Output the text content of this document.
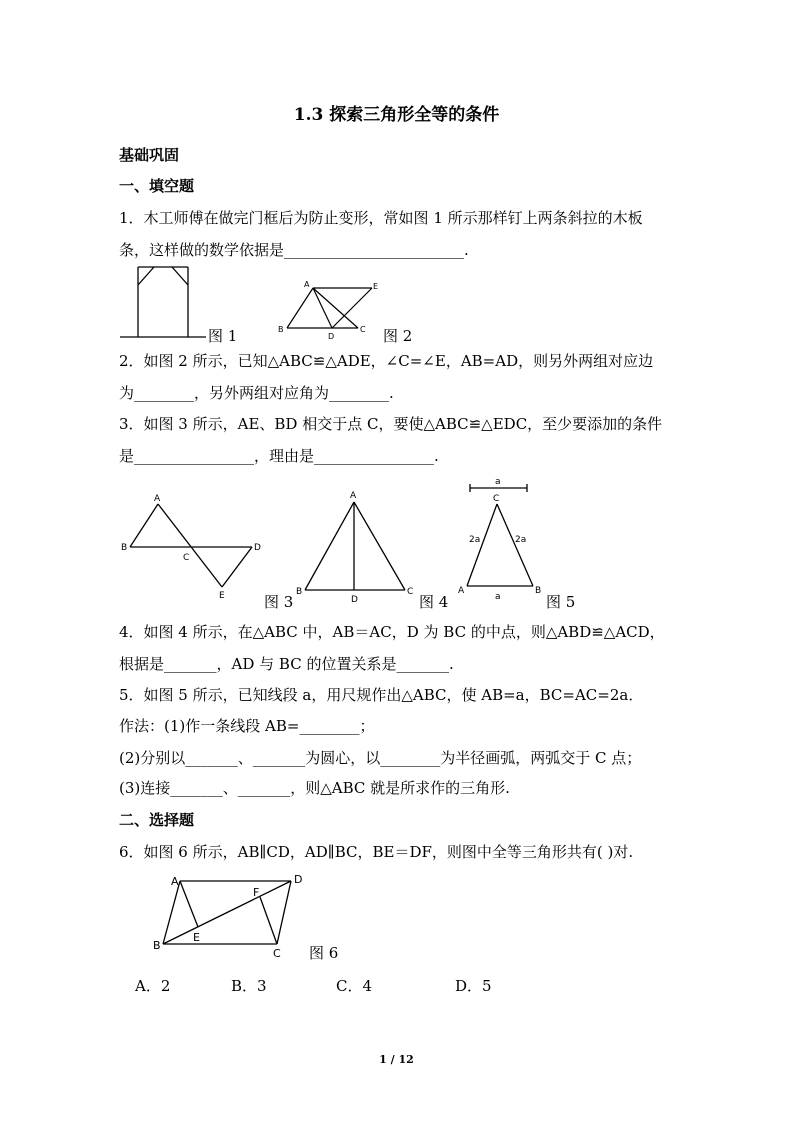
1.3 探索三角形全等的条件
基础巩固
一、填空题
1．木工师傅在做完门框后为防止变形，常如图 1 所示那样钉上两条斜拉的木板
条，这样做的数学依据是________________________.
图 1
A	E
B
D
C 图 2
2．如图 2 所示，已知△ABC≌△ADE，∠C=∠E，AB=AD，则另外两组对应边
为________，另外两组对应角为________.
3．如图 3 所示，AE、BD 相交于点 C，要使△ABC≌△EDC，至少要添加的条件
是________________，理由是________________.
A
B
C
D
E	图 3
A
B
D
C
图 4
a
C
2a	2a
A	B
a	图 5
4．如图 4 所示，在△ABC 中，AB＝AC，D 为 BC 的中点，则△ABD≌△ACD，
根据是_______，AD 与 BC 的位置关系是_______.
5．如图 5 所示，已知线段 a，用尺规作出△ABC，使 AB=a，BC=AC=2a．
作法：(1)作一条线段 AB=________；
(2)分别以_______、_______为圆心，以________为半径画弧，两弧交于 C 点；
(3)连接_______、_______，则△ABC 就是所求作的三角形.
二、选择题
6．如图 6 所示，AB∥CD，AD∥BC，BE＝DF，则图中全等三角形共有( )对.
A	D
B
C
F
E
图 6
A．2	B．3	C．4	D．5
1 / 12
